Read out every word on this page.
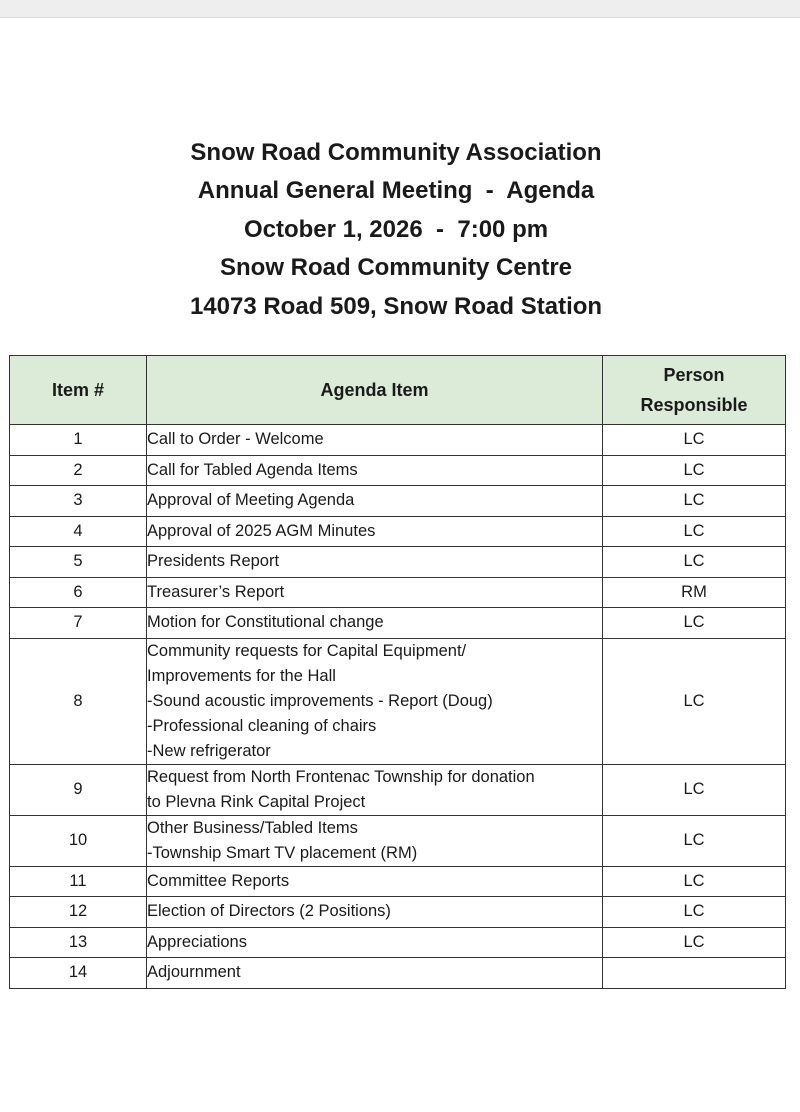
Snow Road Community Association
Annual General Meeting  -  Agenda
October 1, 2026  -  7:00 pm
Snow Road Community Centre
14073 Road 509, Snow Road Station
Item #	Agenda Item	Person
Responsible

1	Call to Order - Welcome	LC
2	Call for Tabled Agenda Items	LC
3	Approval of Meeting Agenda	LC
4	Approval of 2025 AGM Minutes	LC
5	Presidents Report	LC
6	Treasurer’s Report	RM
7	Motion for Constitutional change	LC
8	Community requests for Capital Equipment/
Improvements for the Hall
-Sound acoustic improvements - Report (Doug)
-Professional cleaning of chairs
-New refrigerator	LC
9	Request from North Frontenac Township for donation
to Plevna Rink Capital Project	LC
10	Other Business/Tabled Items
-Township Smart TV placement (RM)	LC
11	Committee Reports	LC
12	Election of Directors (2 Positions)	LC
13	Appreciations	LC
14	Adjournment	
